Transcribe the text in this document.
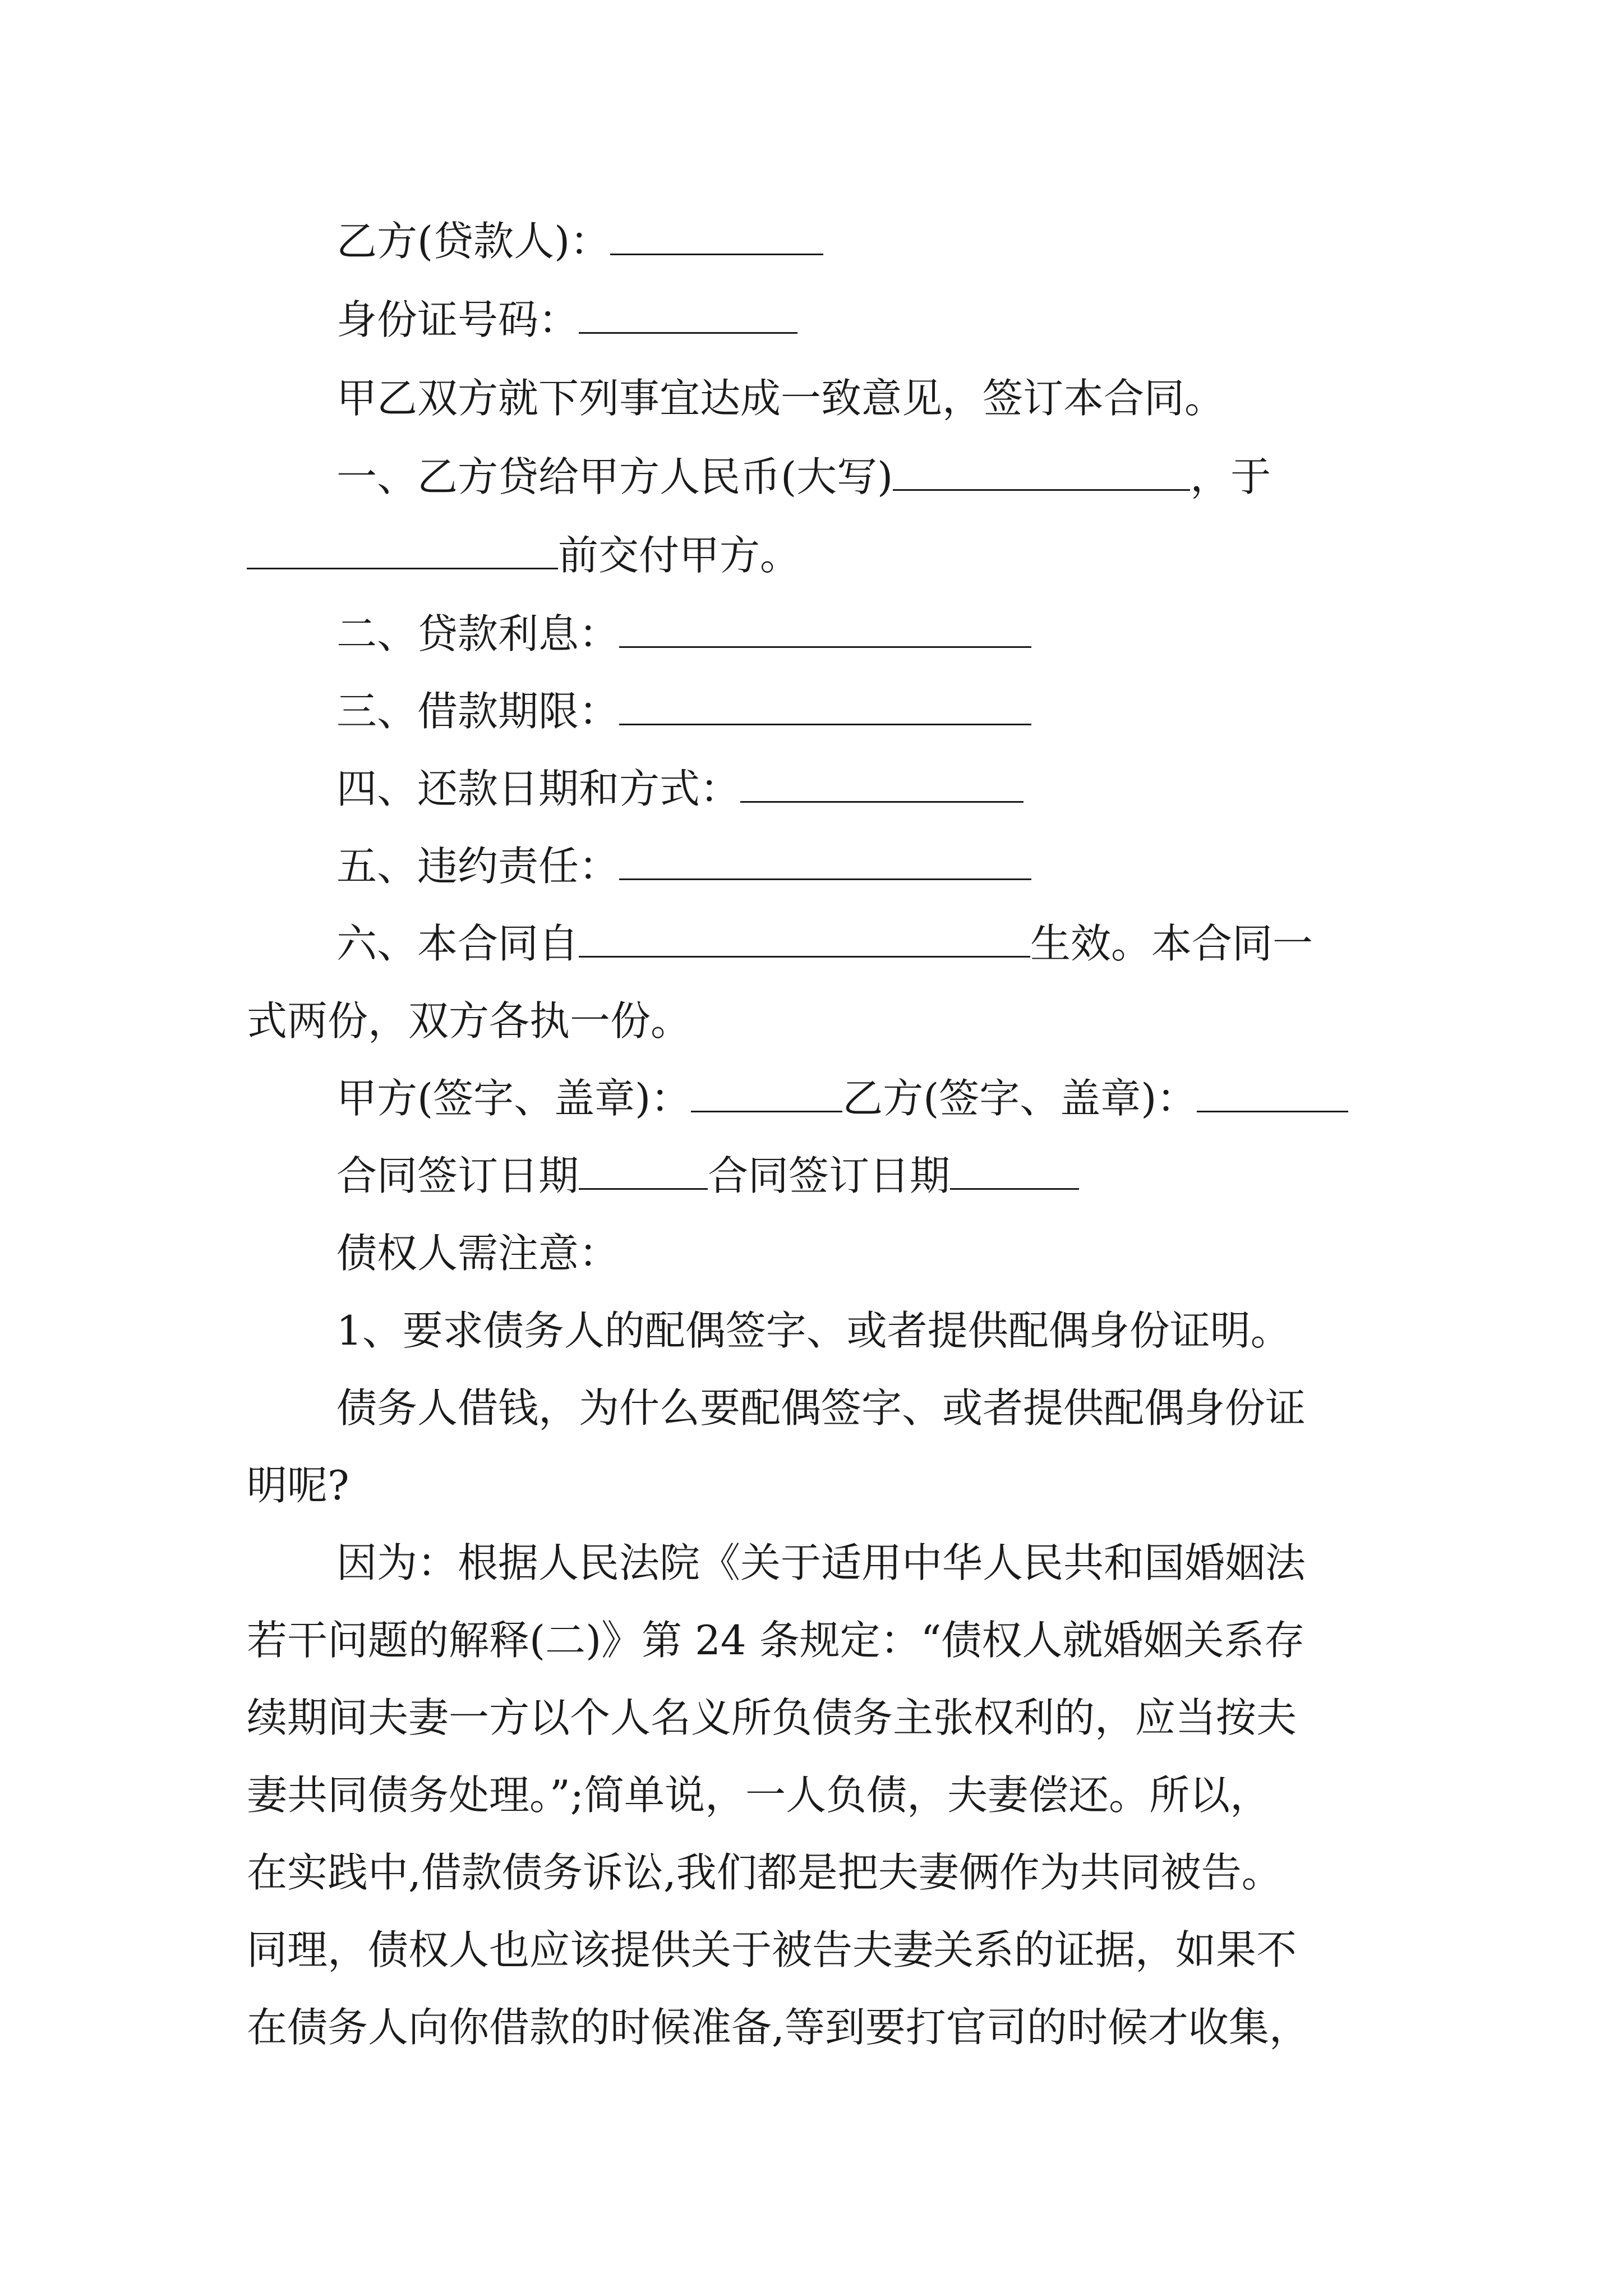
乙方(贷款人)：

身份证号码：

甲乙双方就下列事宜达成一致意见，签订本合同。

一、乙方贷给甲方人民币(大写)	，于

前交付甲方。

二、贷款利息：

三、借款期限：

四、还款日期和方式：

五、违约责任：

六、本合同自	生效。本合同一

式两份，双方各执一份。

甲方(签字、盖章)：	乙方(签字、盖章)：

合同签订日期	合同签订日期

债权人需注意：

1、要求债务人的配偶签字、或者提供配偶身份证明。

债务人借钱，为什么要配偶签字、或者提供配偶身份证

明呢?

因为：根据人民法院《关于适用中华人民共和国婚姻法

若干问题的解释(二)》第 24 条规定：“债权人就婚姻关系存

续期间夫妻一方以个人名义所负债务主张权利的，应当按夫

妻共同债务处理。”;简单说，一人负债，夫妻偿还。所以，

在实践中,借款债务诉讼,我们都是把夫妻俩作为共同被告。

同理，债权人也应该提供关于被告夫妻关系的证据，如果不

在债务人向你借款的时候准备,等到要打官司的时候才收集，
